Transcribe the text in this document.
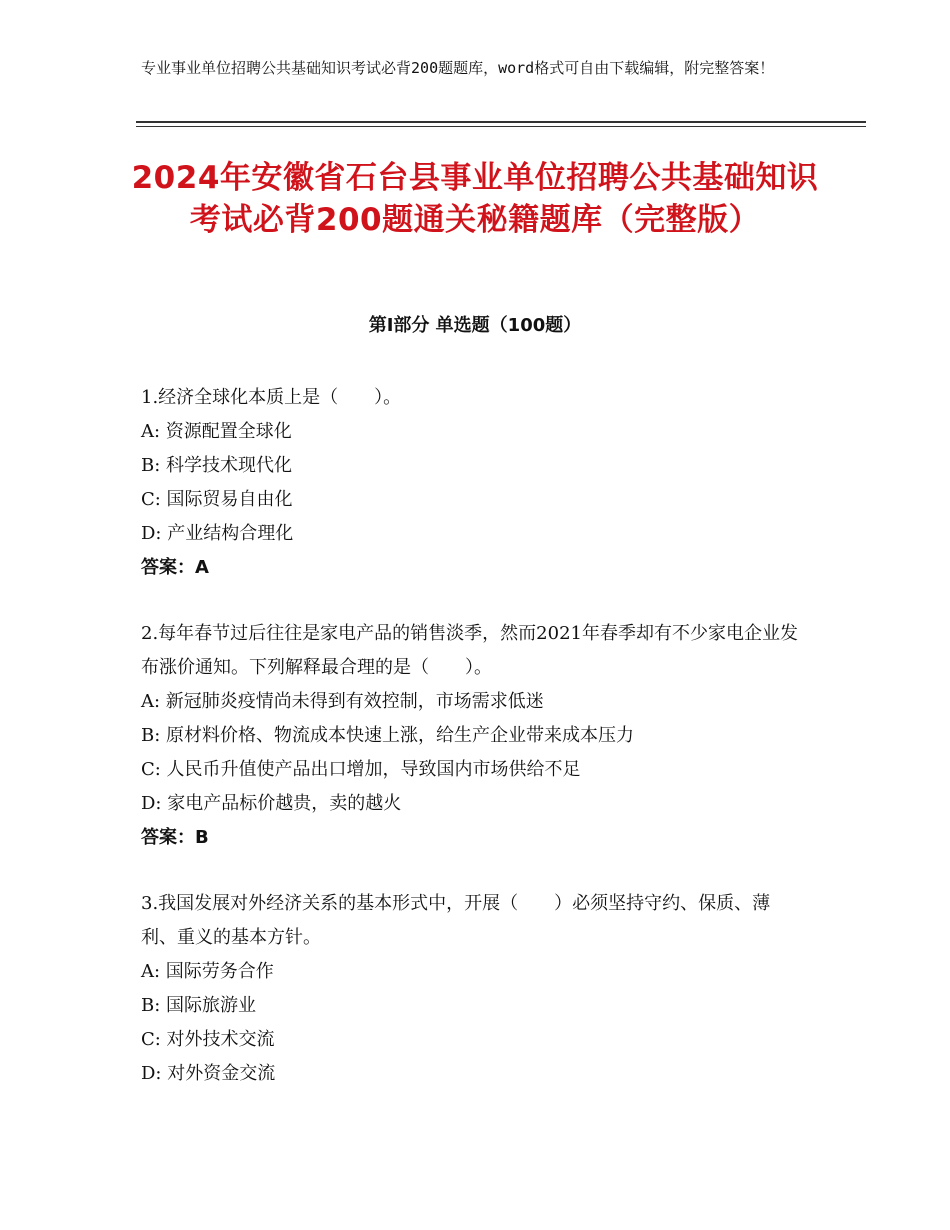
专业事业单位招聘公共基础知识考试必背200题题库，word格式可自由下载编辑，附完整答案！
2024年安徽省石台县事业单位招聘公共基础知识考试必背200题通关秘籍题库（完整版）
第Ⅰ部分 单选题（100题）

1.经济全球化本质上是（　　）。

A: 资源配置全球化

B: 科学技术现代化

C: 国际贸易自由化

D: 产业结构合理化

答案：A

2.每年春节过后往往是家电产品的销售淡季，然而2021年春季却有不少家电企业发布涨价通知。下列解释最合理的是（　　）。

A: 新冠肺炎疫情尚未得到有效控制，市场需求低迷

B: 原材料价格、物流成本快速上涨，给生产企业带来成本压力

C: 人民币升值使产品出口增加，导致国内市场供给不足

D: 家电产品标价越贵，卖的越火

答案：B

3.我国发展对外经济关系的基本形式中，开展（　　）必须坚持守约、保质、薄利、重义的基本方针。

A: 国际劳务合作

B: 国际旅游业

C: 对外技术交流

D: 对外资金交流
